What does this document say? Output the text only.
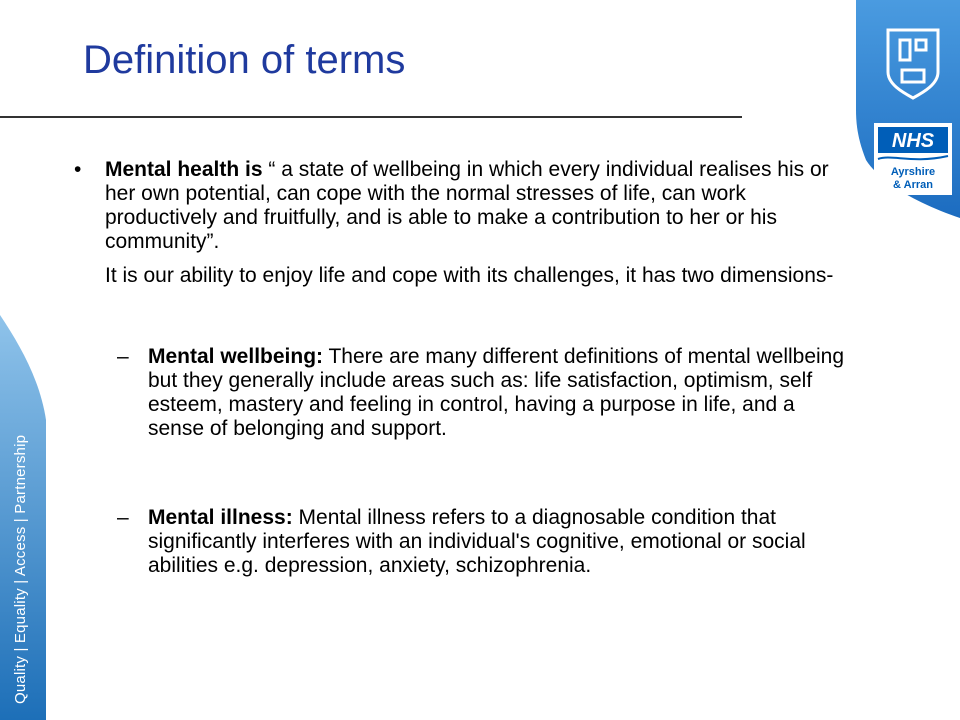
Quality | Equality | Access | Partnership
NHS
Ayrshire
& Arran
Definition of terms
• Mental health is “ a state of wellbeing in which every individual realises his or her own potential, can cope with the normal stresses of life, can work productively and fruitfully, and is able to make a contribution to her or his community”.

It is our ability to enjoy life and cope with its challenges, it has two dimensions-

– Mental wellbeing: There are many different definitions of mental wellbeing but they generally include areas such as: life satisfaction, optimism, self esteem, mastery and feeling in control, having a purpose in life, and a sense of belonging and support.

– Mental illness: Mental illness refers to a diagnosable condition that significantly interferes with an individual's cognitive, emotional or social abilities e.g. depression, anxiety, schizophrenia.
